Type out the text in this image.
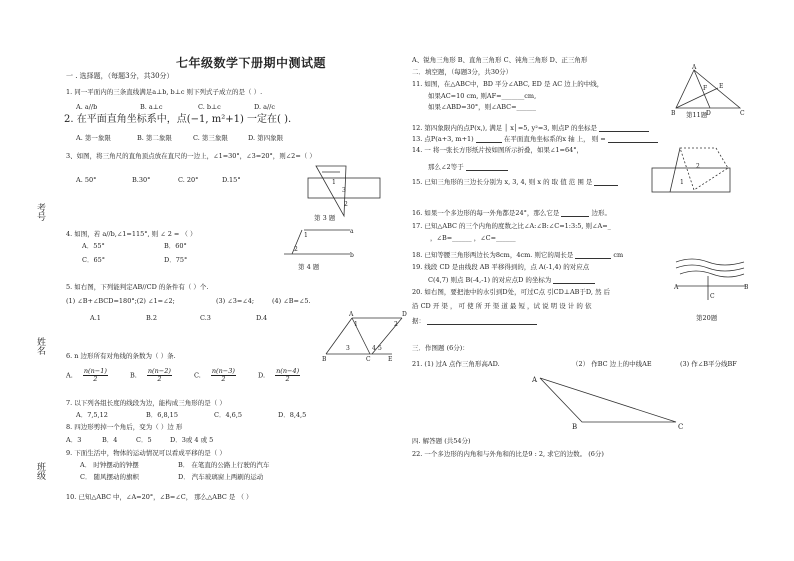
考号
姓名
班级
七年级数学下册期中测试题
一 . 选择题，（每题3分，共30分）
1. 同一平面内的三条直线满足a⊥b, b⊥c 则下列式子成立的是（ ）.
A. a//b	B. a⊥c	C. b⊥c	D. a//c
2. 在平面直角坐标系中，点(−1, m²+1) 一定在( ).
A. 第一象限	B. 第二象限	C. 第三象限	D. 第四象限
3、如图，将三角尺的直角顶点放在直尺的一边上，∠1=30°，∠3=20°，则∠2=（ ）
A. 50°	B.30°	C. 20°	D.15°
3
1
2
第 3 题
4. 如图，若 a//b,∠1=115°, 则 ∠ 2 = （ ）
A．55°	B．60°
C．65°	D．75°
1
2
a
b
第 4 题
5. 如右图，下列能判定AB//CD 的条件有（ ）个.
(1) ∠B+∠BCD=180°;(2) ∠1=∠2;	(3) ∠3=∠4;	(4) ∠B=∠5.
A.1	B.2	C.3	D.4	A	D
B	C	E
1	2
3	4 5
6. n 边形所有对角线的条数为（ ）条.
A. $\frac{n(n-1)}{2}$	B. $\frac{n(n-2)}{2}$	C. $\frac{n(n-3)}{2}$	D. $\frac{n(n-4)}{2}$
7. 以下列各组长度的线段为边，能构成三角形的是（ ）
A．7,5,12	B．6,8,15	C．4,6,5	D．8,4,5
8. 四边形剪掉一个角后，变为（ ）边 形
A．3	B．4	C．5	D．3或 4 或 5
9. 下面生活中，物体的运动情况可以看成平移的是（ ）
A． 时钟摆动的钟摆	B． 在笔直的公路上行驶的汽车
C． 随风摆动的旗帜	D． 汽车玻璃窗上两刷的运动
10. 已知△ABC 中，∠A=20°，∠B=∠C， 那么△ABC 是 （ ）
A、锐角三角形 B、直角三角形 C、钝角三角形 D、正三角形
二．填空题，（每题3分，共30分）
11. 如图，在△ABC中，BD 平分∠ABC, ED 是 AC 边上的中线，
如果AC=10 cm, 则AF=_______cm,
如果∠ABD=30°，则∠ABC=______
A
B	D	C
E
F
第11题
12. 第四象限内的点P(x,), 满足 │ x│=5, y²=3, 则点P 的坐标是
13. 点P(a+3, m+1)	在平面直角坐标系的x 轴 上， 则 =
14. 一 将一张长方形纸片按如图所示折叠，如果∠1=64°，
那么∠2等于
1
2
15. 已知三角形的三边长分别为 x, 3, 4, 则 x 的 取 值 范 围 是
16. 如果一个多边形的每一外角都是24°，那么它是	边形。
17. 已知△ABC 的三个内角的度数之比∠A:∠B:∠C=1:3:5, 则∠A=_
，∠B=______ ，∠C=______
18. 已知等腰三角形两边长为8cm，4cm. 则它的周长是	cm
19. 线段 CD 是由线段 AB 平移得到的，点 A(-1,4) 的对应点
C(4,7) 则点 B(-4,-1) 的对应点D 的坐标为
20. 如右图，要把池中的水引到D处，可过C点 引CD⊥AB于D, 然 后
沿 CD 开 渠 ， 可 使 所 开 渠 道 最 短 ，试 说 明 设 计 的 依
据：
A	B
C
第20题
三．作图题 (6分)：
21. (1) 过A 点作三角形高AD.	（2） 作BC 边上的中线AE	(3) 作∠B平分线BF
A
B	C
四. 解答题 (共54分)
22. 一个多边形的内角和与外角和的比是9 : 2, 求它的边数。 (6分)
